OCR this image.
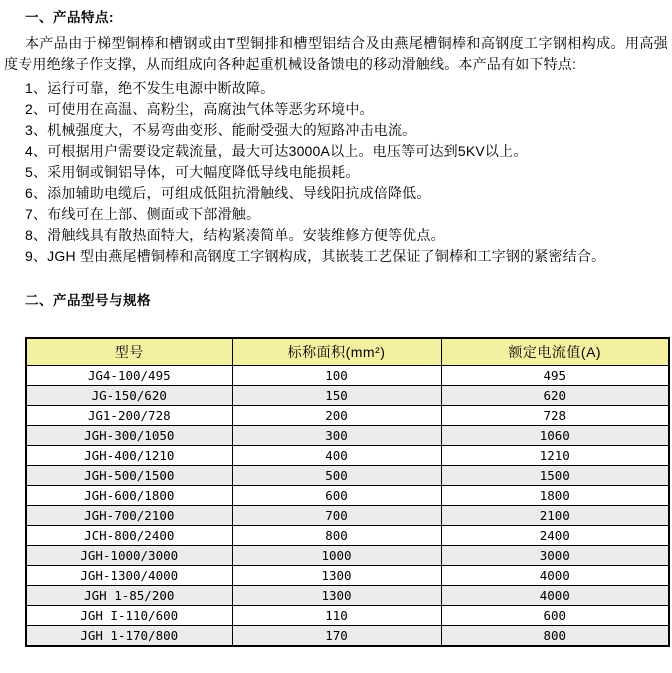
一、产品特点:
本产品由于梯型铜棒和槽钢或由T型铜排和槽型铝结合及由燕尾槽铜棒和高钢度工字钢相构成。用高强度专用绝缘子作支撑，从而组成向各种起重机械设备馈电的移动滑触线。本产品有如下特点:
1、运行可靠，绝不发生电源中断故障。
2、可使用在高温、高粉尘，高腐浊气体等恶劣环境中。
3、机械强度大，不易弯曲变形、能耐受强大的短路冲击电流。
4、可根据用户需要设定载流量，最大可达3000A以上。电压等可达到5KV以上。
5、采用铜或铜铝导体，可大幅度降低导线电能损耗。
6、添加辅助电缆后，可组成低阻抗滑触线、导线阳抗成倍降低。
7、布线可在上部、侧面或下部滑触。
8、滑触线具有散热面特大，结构紧凑简单。安装维修方便等优点。
9、JGH 型由燕尾槽铜棒和高钢度工字钢构成，其嵌装工艺保证了铜棒和工字钢的紧密结合。
二、产品型号与规格
型号	标称面积(mm²)	额定电流值(A)
JG4-100/495	100	495
JG-150/620	150	620
JG1-200/728	200	728
JGH-300/1050	300	1060
JGH-400/1210	400	1210
JGH-500/1500	500	1500
JGH-600/1800	600	1800
JGH-700/2100	700	2100
JCH-800/2400	800	2400
JGH-1000/3000	1000	3000
JGH-1300/4000	1300	4000
JGH 1-85/200	1300	4000
JGH I-110/600	110	600
JGH 1-170/800	170	800
